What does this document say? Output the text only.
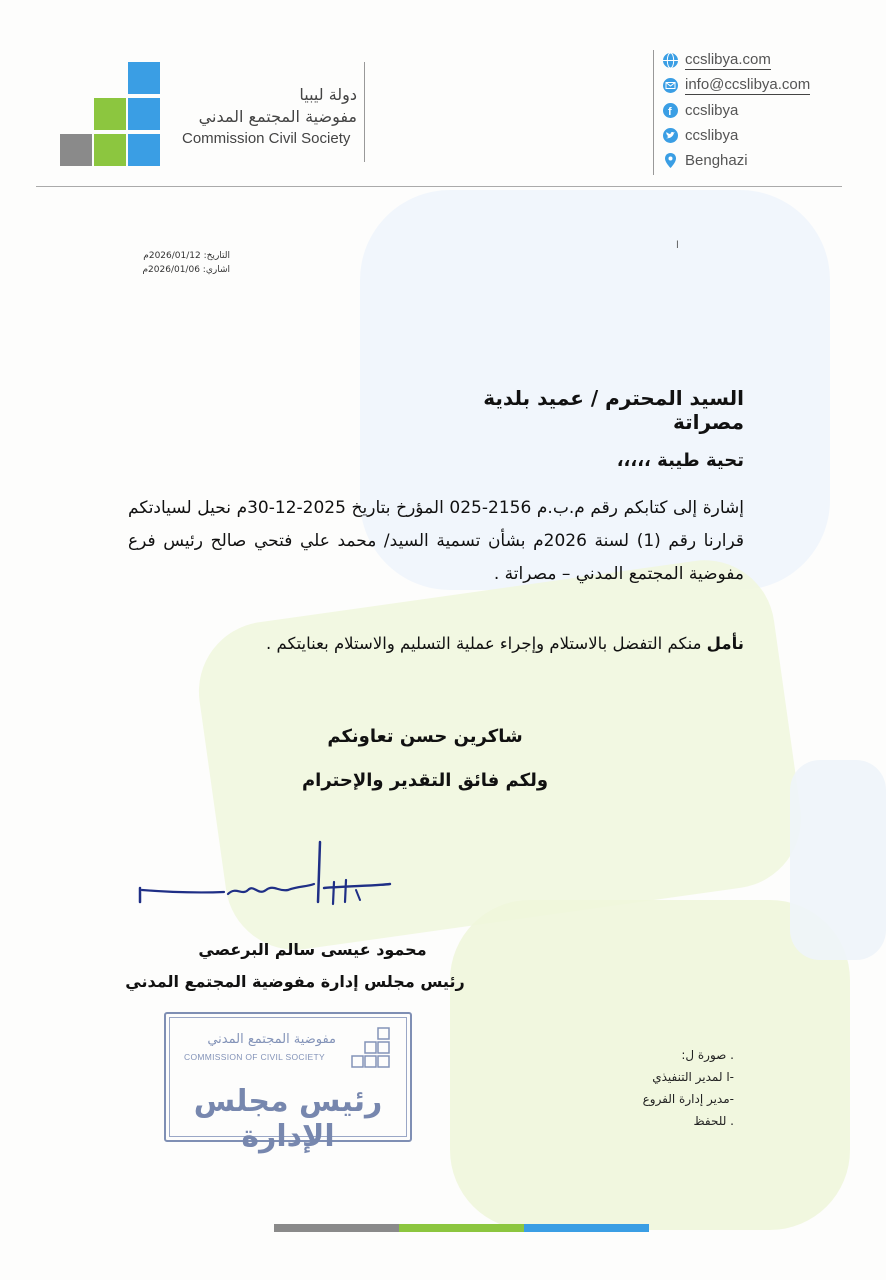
دولة ليبيا
مفوضية المجتمع المدني
Commission Civil Society
ccslibya.com
info@ccslibya.com
f ccslibya
ccslibya
Benghazi
التاريخ: 2026/01/12م
اشاري: 2026/01/06م
ا
السيد المحترم / عميد بلدية مصراتة
تحية طيبة ،،،،،
إشارة إلى كتابكم رقم م.ب.م 2156-025 المؤرخ بتاريخ 2025-12-30م نحيل لسيادتكم قرارنا رقم (1) لسنة 2026م بشأن تسمية السيد/ محمد علي فتحي صالح رئيس فرع مفوضية المجتمع المدني – مصراتة .
نأمل منكم التفضل بالاستلام وإجراء عملية التسليم والاستلام بعنايتكم .
شاكرين حسن تعاونكم
ولكم فائق التقدير والإحترام
محمود عيسى سالم البرعصي
رئيس مجلس إدارة مفوضية المجتمع المدني
مفوضية المجتمع المدني
COMMISSION OF CIVIL SOCIETY
رئيس مجلس الإدارة
. صورة ل:
-ا لمدير التنفيذي
-مدير إدارة الفروع
. للحفظ
